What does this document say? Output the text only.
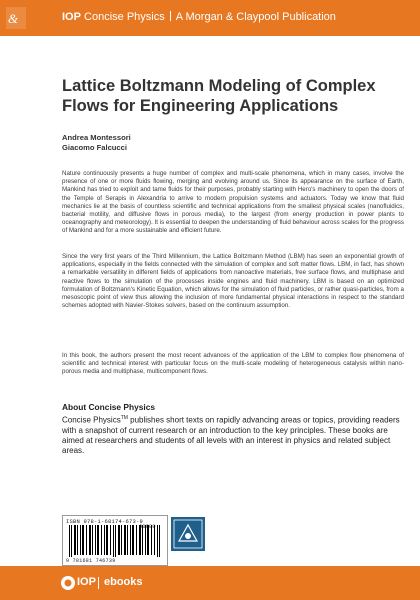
&	IOP Concise Physics A Morgan & Claypool Publication
Lattice Boltzmann Modeling of Complex Flows for Engineering Applications
Andrea Montessori
Giacomo Falcucci

Nature continuously presents a huge number of complex and multi-scale phenomena, which in many cases, involve the presence of one or more fluids flowing, merging and evolving around us. Since its appearance on the surface of Earth, Mankind has tried to exploit and tame fluids for their purposes, probably starting with Hero's machinery to open the doors of the Temple of Serapis in Alexandria to arrive to modern propulsion systems and actuators. Today we know that fluid mechanics lie at the basis of countless scientific and technical applications from the smallest physical scales (nanofluidics, bacterial motility, and diffusive flows in porous media), to the largest (from energy production in power plants to oceanography and meteorology). It is essential to deepen the understanding of fluid behaviour across scales for the progress of Mankind and for a more sustainable and efficient future.

Since the very first years of the Third Millennium, the Lattice Boltzmann Method (LBM) has seen an exponential growth of applications, especially in the fields connected with the simulation of complex and soft matter flows. LBM, in fact, has shown a remarkable versatility in different fields of applications from nanoactive materials, free surface flows, and multiphase and reactive flows to the simulation of the processes inside engines and fluid machinery. LBM is based on an optimized formulation of Boltzmann's Kinetic Equation, which allows for the simulation of fluid particles, or rather quasi-particles, from a mesoscopic point of view thus allowing the inclusion of more fundamental physical interactions in respect to the standard schemes adopted with Navier-Stokes solvers, based on the continuum assumption.

In this book, the authors present the most recent advances of the application of the LBM to complex flow phenomena of scientific and technical interest with particular focus on the multi-scale modeling of heterogeneous catalysis within nano-porous media and multiphase, multicomponent flows.

About Concise Physics
Concise Physics™ publishes short texts on rapidly advancing areas or topics, providing readers with a snapshot of current research or an introduction to the key principles. These books are aimed at researchers and students of all levels with an interest in physics and related subject areas.
ISBN 978-1-68174-673-9
9 781681 746739
IOP ebooks
